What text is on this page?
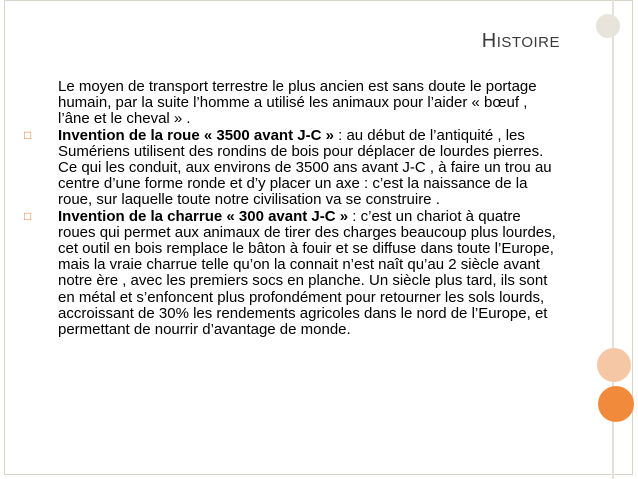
HISTOIRE
Le moyen de transport terrestre le plus ancien est sans doute le portage humain, par la suite l’homme a utilisé les animaux pour l’aider « bœuf , l’âne et le cheval » .
□ Invention de la roue « 3500 avant J-C » : au début de l’antiquité , les Sumériens utilisent des rondins de bois pour déplacer de lourdes pierres. Ce qui les conduit, aux environs de 3500 ans avant J-C , à faire un trou au centre d’une forme ronde et d’y placer un axe : c’est la naissance de la roue, sur laquelle toute notre civilisation va se construire .
□ Invention de la charrue « 300 avant J-C » : c’est un chariot à quatre roues qui permet aux animaux de tirer des charges beaucoup plus lourdes, cet outil en bois remplace le bâton à fouir et se diffuse dans toute l’Europe, mais la vraie charrue telle qu’on la connait n’est naît qu’au 2 siècle avant notre ère , avec les premiers socs en planche. Un siècle plus tard, ils sont en métal et s’enfoncent plus profondément pour retourner les sols lourds, accroissant de 30% les rendements agricoles dans le nord de l’Europe, et permettant de nourrir d’avantage de monde.
